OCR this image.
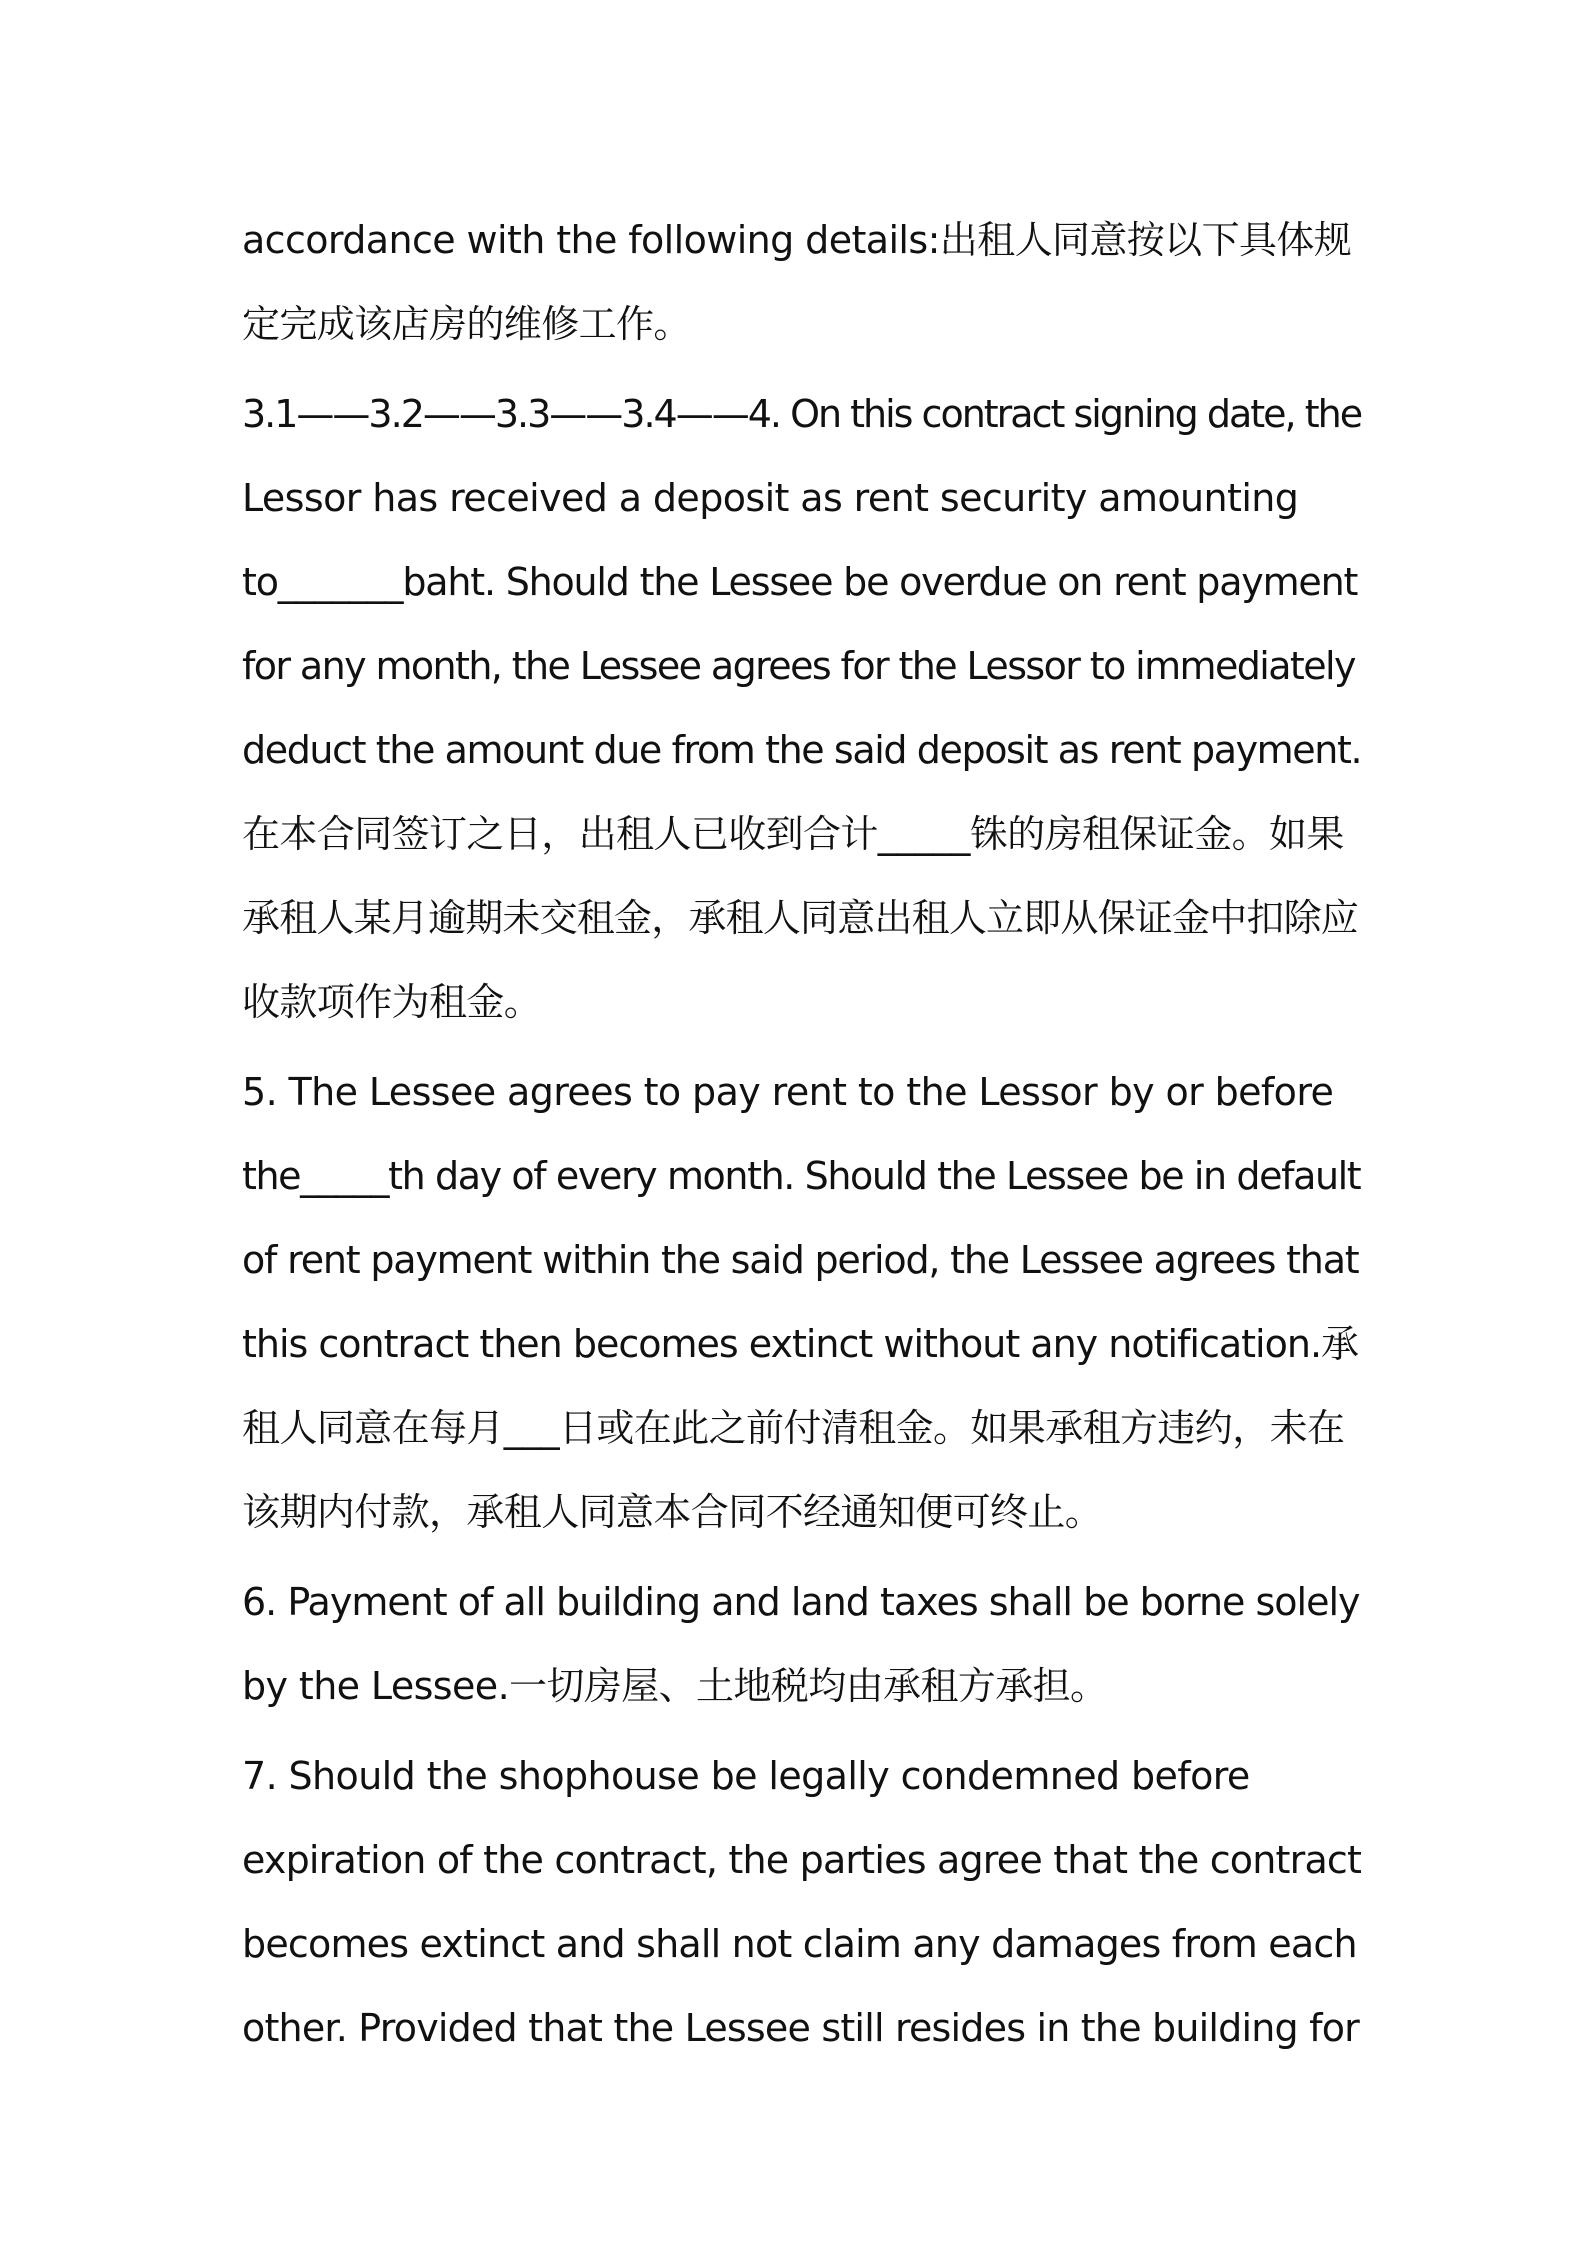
accordance with the following details:出租人同意按以下具体规
定完成该店房的维修工作。
3.1——3.2——3.3——3.4——4. On this contract signing date, the
Lessor has received a deposit as rent security amounting
to_______baht. Should the Lessee be overdue on rent payment
for any month, the Lessee agrees for the Lessor to immediately
deduct the amount due from the said deposit as rent payment.
在本合同签订之日，出租人已收到合计_____铢的房租保证金。如果
承租人某月逾期未交租金，承租人同意出租人立即从保证金中扣除应
收款项作为租金。
5. The Lessee agrees to pay rent to the Lessor by or before
the_____th day of every month. Should the Lessee be in default
of rent payment within the said period, the Lessee agrees that
this contract then becomes extinct without any notification.承
租人同意在每月___日或在此之前付清租金。如果承租方违约，未在
该期内付款，承租人同意本合同不经通知便可终止。
6. Payment of all building and land taxes shall be borne solely
by the Lessee.一切房屋、土地税均由承租方承担。
7. Should the shophouse be legally condemned before
expiration of the contract, the parties agree that the contract
becomes extinct and shall not claim any damages from each
other. Provided that the Lessee still resides in the building for
